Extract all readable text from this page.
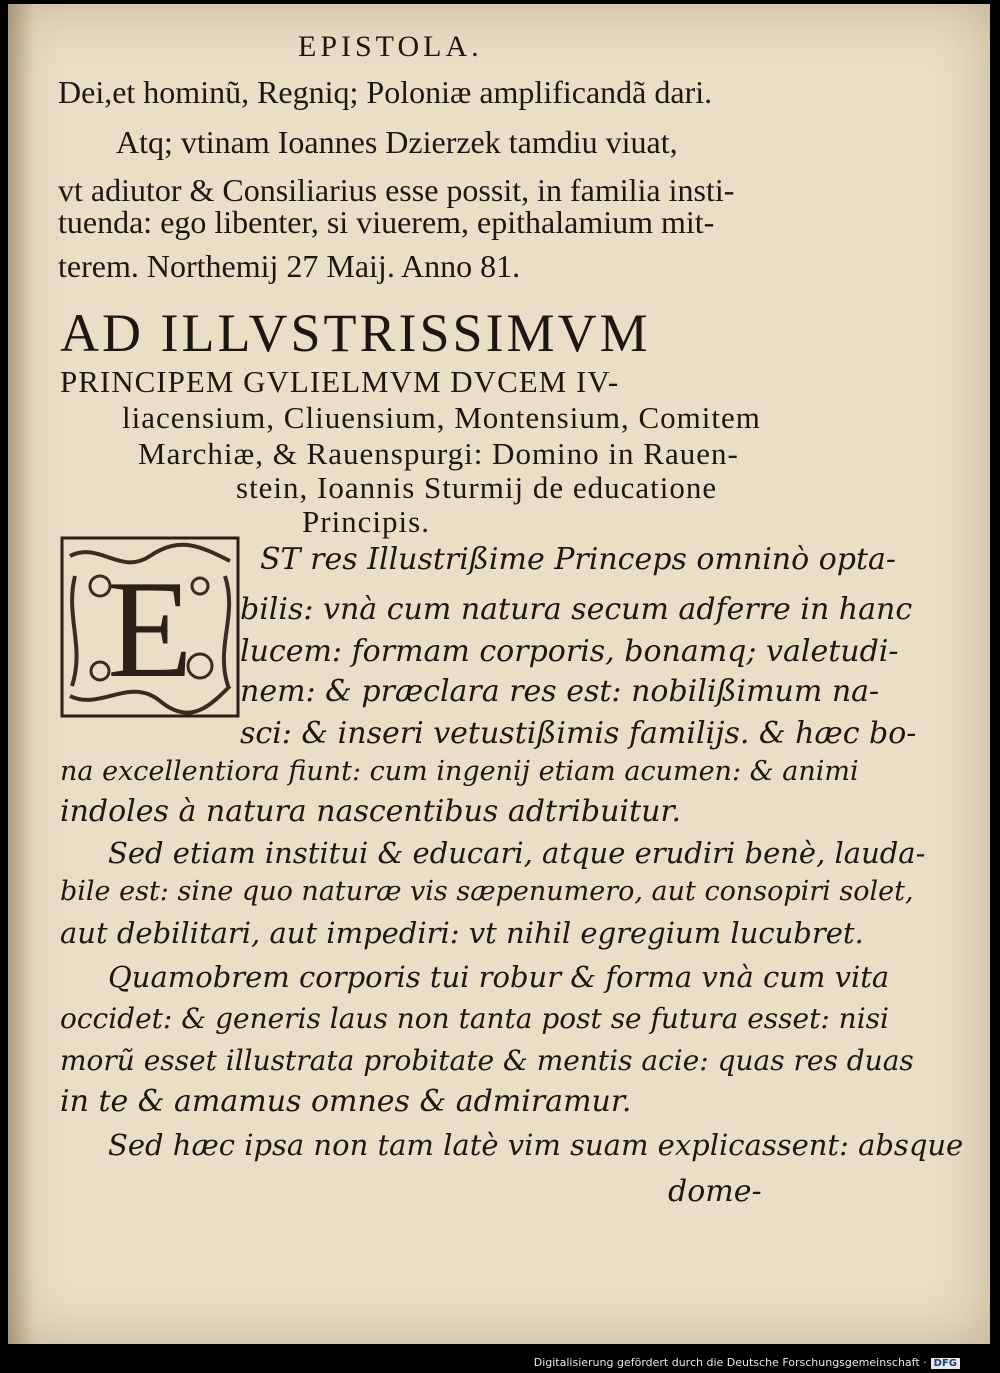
EPISTOLA.
Dei,et hominũ, Regniq; Poloniæ amplificandã dari.
Atq; vtinam Ioannes Dzierzek tamdiu viuat,
vt adiutor & Consiliarius esse possit, in familia insti-
tuenda: ego libenter, si viuerem, epithalamium mit-
terem. Northemij 27 Maij. Anno 81.
AD ILLVSTRISSIMVM
PRINCIPEM GVLIELMVM DVCEM IV-
liacensium, Cliuensium, Montensium, Comitem
Marchiæ, & Rauenspurgi: Domino in Rauen-
stein, Ioannis Sturmij de educatione
Principis.
E ST res Illustrißime Princeps omninò opta-
bilis: vnà cum natura secum adferre in hanc
lucem: formam corporis, bonamq; valetudi-
nem: & præclara res est: nobilißimum na-
sci: & inseri vetustißimis familijs. & hæc bo-
na excellentiora fiunt: cum ingenij etiam acumen: & animi
indoles à natura nascentibus adtribuitur.
Sed etiam institui & educari, atque erudiri benè, lauda-
bile est: sine quo naturæ vis sæpenumero, aut consopiri solet,
aut debilitari, aut impediri: vt nihil egregium lucubret.
Quamobrem corporis tui robur & forma vnà cum vita
occidet: & generis laus non tanta post se futura esset: nisi
morũ esset illustrata probitate & mentis acie: quas res duas
in te & amamus omnes & admiramur.
Sed hæc ipsa non tam latè vim suam explicassent: absque
dome-
Digitalisierung gefördert durch die Deutsche Forschungsgemeinschaft · DFG
